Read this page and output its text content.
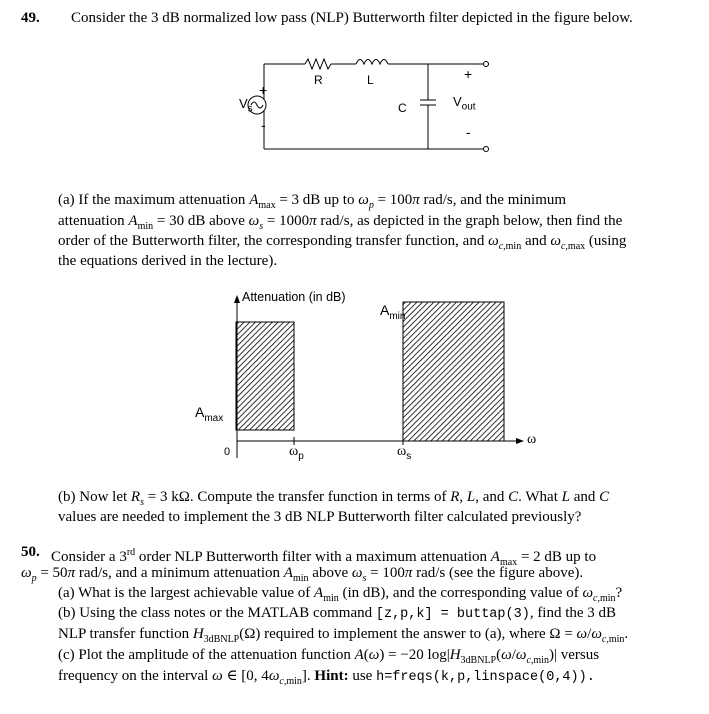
49. Consider the 3 dB normalized low pass (NLP) Butterworth filter depicted in the figure below.
$V_s$
+
-
R	L
C
+
$V_{out}$
-
(a) If the maximum attenuation $A_{max} = 3$ dB up to $\omega_p = 100\pi$ rad/s, and the minimum
attenuation $A_{min} = 30$ dB above $\omega_s = 1000\pi$ rad/s, as depicted in the graph below, then find the
order of the Butterworth filter, the corresponding transfer function, and $\omega_{c,min}$ and $\omega_{c,max}$ (using
the equations derived in the lecture).
Attenuation (in dB)
$A_{min}$
$A_{max}$
0	$\omega_p$	$\omega_s$
ω
(b) Now let $R_s = 3$ kΩ. Compute the transfer function in terms of R, L, and C. What L and C
values are needed to implement the 3 dB NLP Butterworth filter calculated previously?
50. Consider a 3rd order NLP Butterworth filter with a maximum attenuation $A_{max} = 2$ dB up to
$\omega_p = 50\pi$ rad/s, and a minimum attenuation $A_{min}$ above $\omega_s = 100\pi$ rad/s (see the figure above).
(a) What is the largest achievable value of $A_{min}$ (in dB), and the corresponding value of $\omega_{c,min}$?
(b) Using the class notes or the MATLAB command [z,p,k] = buttap(3), find the 3 dB
NLP transfer function $H_{3dBNLP}(\Omega)$ required to implement the answer to (a), where $\Omega = \omega/\omega_{c,min}$.
(c) Plot the amplitude of the attenuation function A(ω) = −20 $\log|H_{3dBNLP}(\omega/\omega_{c,min})|$ versus
frequency on the interval ω ∈ [0, $4\omega_{c,min}$]. Hint: use h=freqs(k,p,linspace(0,4)).
